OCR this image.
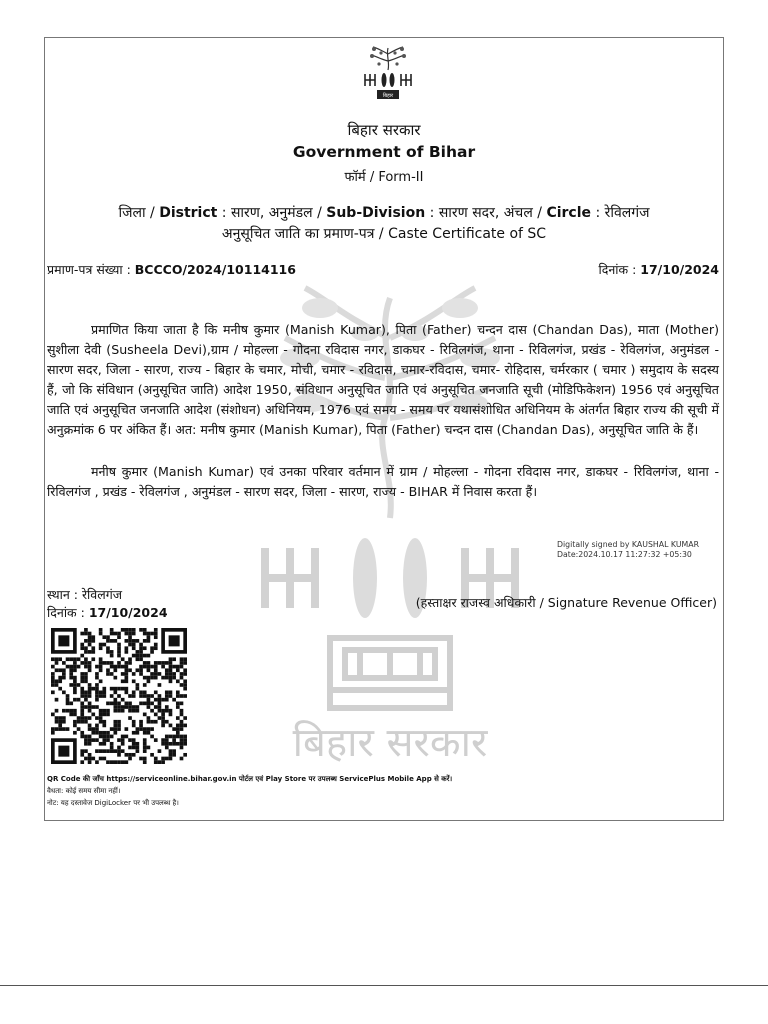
बिहार सरकार
बिहार
बिहार सरकार
Government of Bihar
फॉर्म / Form-II
जिला / District : सारण, अनुमंडल / Sub-Division : सारण सदर, अंचल / Circle : रेविलगंज
अनुसूचित जाति का प्रमाण-पत्र / Caste Certificate of SC
प्रमाण-पत्र संख्या : BCCCO/2024/10114116	दिनांक : 17/10/2024
प्रमाणित किया जाता है कि मनीष कुमार (Manish Kumar), पिता (Father) चन्दन दास (Chandan Das), माता (Mother) सुशीला देवी (Susheela Devi),ग्राम / मोहल्ला - गोदना रविदास नगर, डाकघर - रिविलगंज, थाना - रिविलगंज, प्रखंड - रेविलगंज, अनुमंडल - सारण सदर, जिला - सारण, राज्य - बिहार के चमार, मोची, चमार - रविदास, चमार-रविदास, चमार- रोहिदास, चर्मरकार ( चमार ) समुदाय के सदस्य हैं, जो कि संविधान (अनुसूचित जाति) आदेश 1950, संविधान अनुसूचित जाति एवं अनुसूचित जनजाति सूची (मोडिफिकेशन) 1956 एवं अनुसूचित जाति एवं अनुसूचित जनजाति आदेश (संशोधन) अधिनियम, 1976 एवं समय - समय पर यथासंशोधित अधिनियम के अंतर्गत बिहार राज्य की सूची में अनुक्रमांक 6 पर अंकित हैं। अत: मनीष कुमार (Manish Kumar), पिता (Father) चन्दन दास (Chandan Das), अनुसूचित जाति के हैं।
मनीष कुमार (Manish Kumar) एवं उनका परिवार वर्तमान में ग्राम / मोहल्ला - गोदना रविदास नगर, डाकघर - रिविलगंज, थाना - रिविलगंज , प्रखंड - रेविलगंज , अनुमंडल - सारण सदर, जिला - सारण, राज्य - BIHAR में निवास करता हैं।
Digitally signed by KAUSHAL KUMAR
Date:2024.10.17 11:27:32 +05:30
स्थान : रेविलगंज
दिनांक : 17/10/2024
(हस्ताक्षर राजस्व अधिकारी / Signature Revenue Officer)
QR Code की जाँच https://serviceonline.bihar.gov.in पोर्टल एवं Play Store पर उपलब्ध ServicePlus Mobile App से करें।
वैधता: कोई समय सीमा नहीं।
नोट: यह दस्तावेज DigiLocker पर भी उपलब्ध है।
